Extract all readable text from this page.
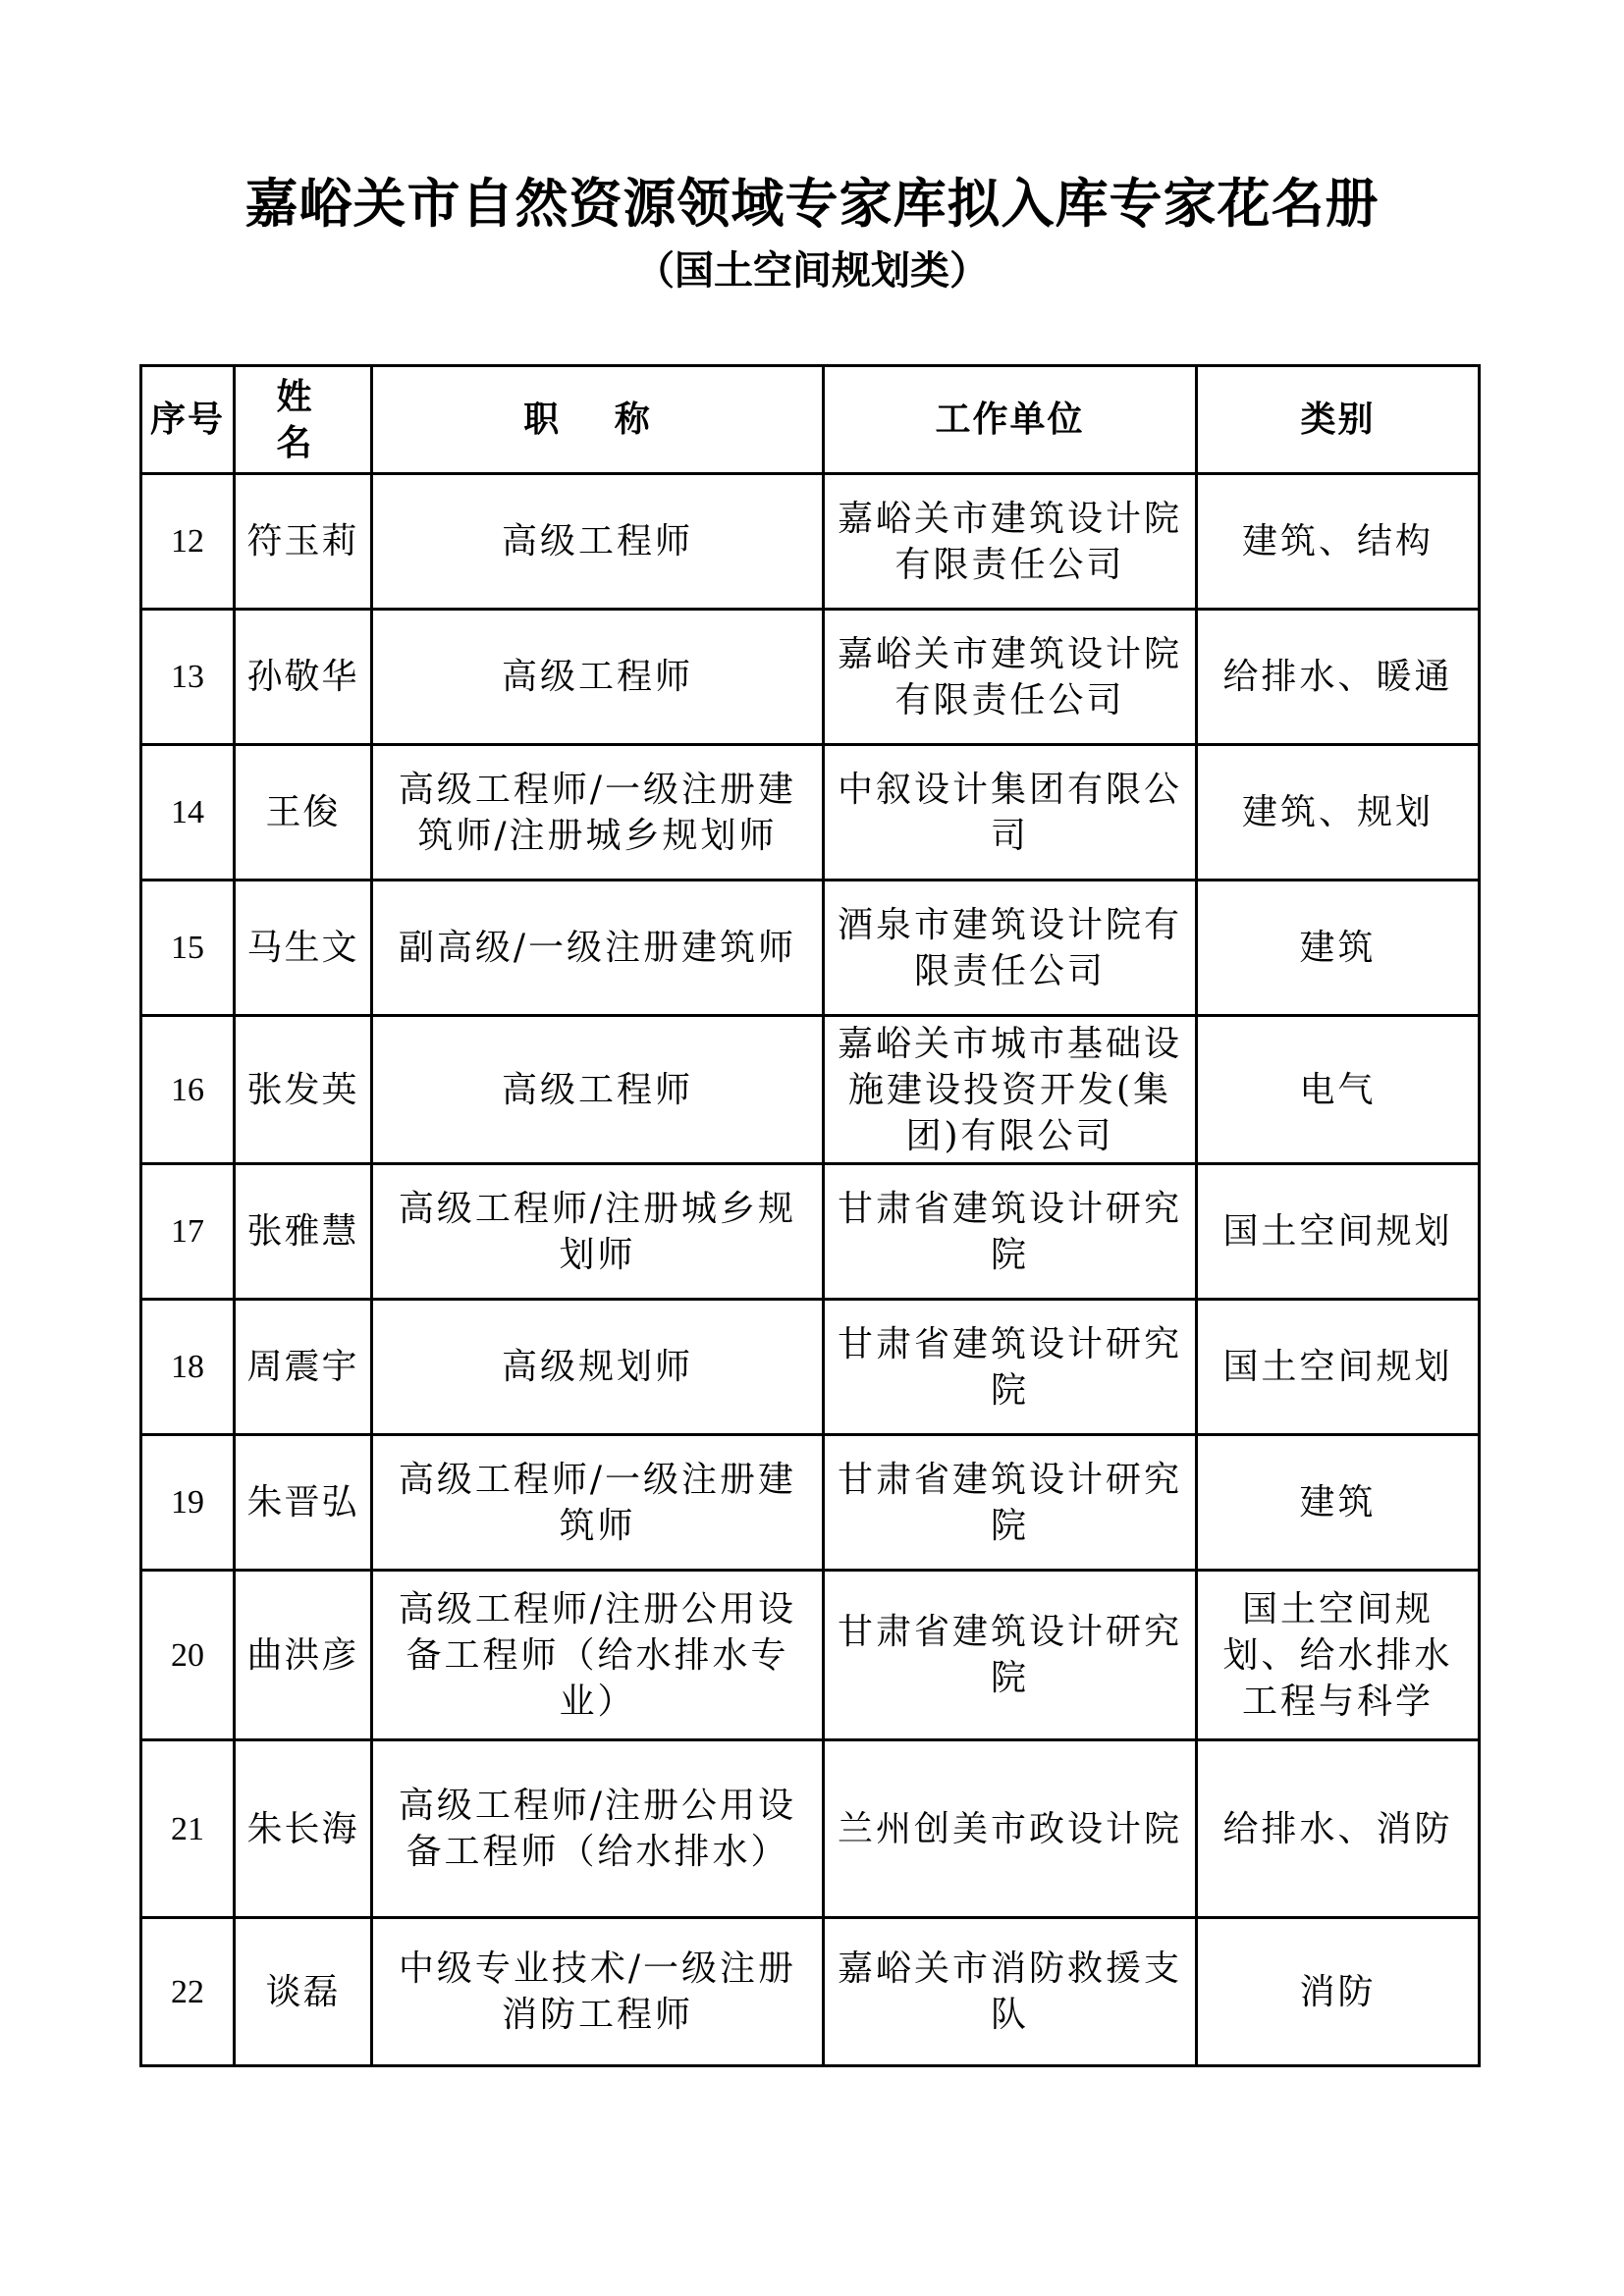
嘉峪关市自然资源领域专家库拟入库专家花名册
（国土空间规划类）
序号	姓 名	职 称	工作单位	类别
12	符玉莉	高级工程师	嘉峪关市建筑设计院有限责任公司	建筑、结构
13	孙敬华	高级工程师	嘉峪关市建筑设计院有限责任公司	给排水、暖通
14	王俊	高级工程师/一级注册建筑师/注册城乡规划师	中叙设计集团有限公司	建筑、规划
15	马生文	副高级/一级注册建筑师	酒泉市建筑设计院有限责任公司	建筑
16	张发英	高级工程师	嘉峪关市城市基础设施建设投资开发(集团)有限公司	电气
17	张雅慧	高级工程师/注册城乡规划师	甘肃省建筑设计研究院	国土空间规划
18	周震宇	高级规划师	甘肃省建筑设计研究院	国土空间规划
19	朱晋弘	高级工程师/一级注册建筑师	甘肃省建筑设计研究院	建筑
20	曲洪彦	高级工程师/注册公用设备工程师（给水排水专业）	甘肃省建筑设计研究院	国土空间规划、给水排水工程与科学
21	朱长海	高级工程师/注册公用设备工程师（给水排水）	兰州创美市政设计院	给排水、消防
22	谈磊	中级专业技术/一级注册消防工程师	嘉峪关市消防救援支队	消防
